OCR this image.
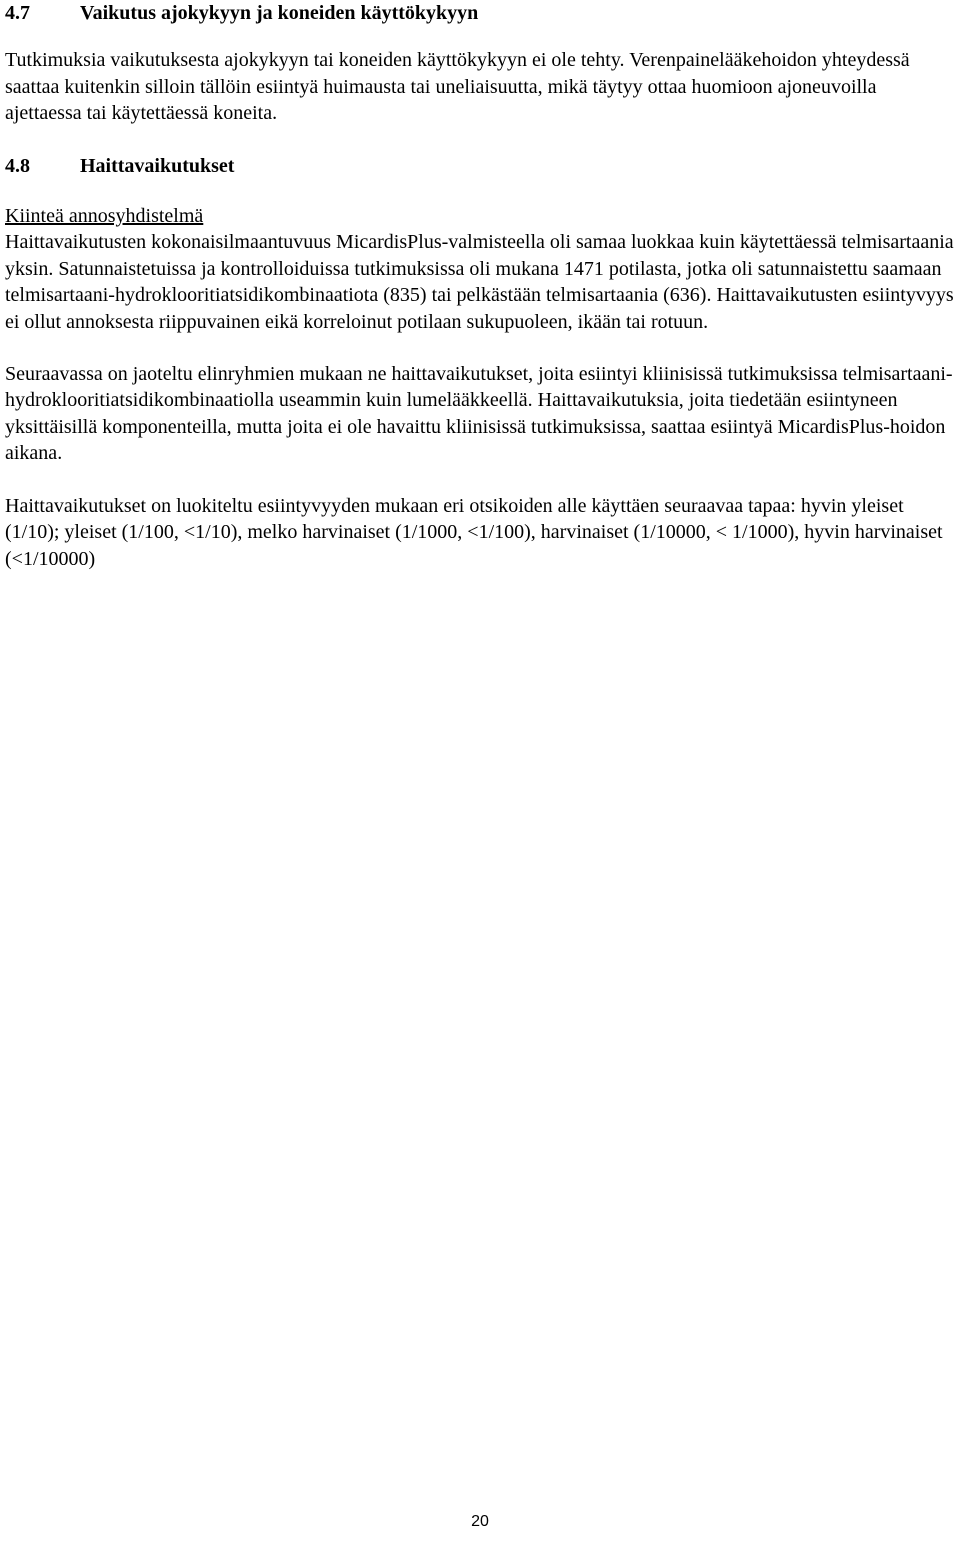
4.7	Vaikutus ajokykyyn ja koneiden käyttökykyyn

Tutkimuksia vaikutuksesta ajokykyyn tai koneiden käyttökykyyn ei ole tehty. Verenpainelääkehoidon yhteydessä saattaa kuitenkin silloin tällöin esiintyä huimausta tai uneliaisuutta, mikä täytyy ottaa huomioon ajoneuvoilla ajettaessa tai käytettäessä koneita.

4.8	Haittavaikutukset

Kiinteä annosyhdistelmä

Haittavaikutusten kokonaisilmaantuvuus MicardisPlus-valmisteella oli samaa luokkaa kuin käytettäessä telmisartaania yksin. Satunnaistetuissa ja kontrolloiduissa tutkimuksissa oli mukana 1471 potilasta, jotka oli satunnaistettu saamaan telmisartaani-hydroklooritiatsidikombinaatiota (835) tai pelkästään telmisartaania (636). Haittavaikutusten esiintyvyys ei ollut annoksesta riippuvainen eikä korreloinut potilaan sukupuoleen, ikään tai rotuun.

Seuraavassa on jaoteltu elinryhmien mukaan ne haittavaikutukset, joita esiintyi kliinisissä tutkimuksissa telmisartaani-hydroklooritiatsidikombinaatiolla useammin kuin lumelääkkeellä. Haittavaikutuksia, joita tiedetään esiintyneen yksittäisillä komponenteilla, mutta joita ei ole havaittu kliinisissä tutkimuksissa, saattaa esiintyä MicardisPlus-hoidon aikana.

Haittavaikutukset on luokiteltu esiintyvyyden mukaan eri otsikoiden alle käyttäen seuraavaa tapaa: hyvin yleiset (1/10); yleiset (1/100, <1/10), melko harvinaiset (1/1000, <1/100), harvinaiset (1/10000, < 1/1000), hyvin harvinaiset (<1/10000)

20
